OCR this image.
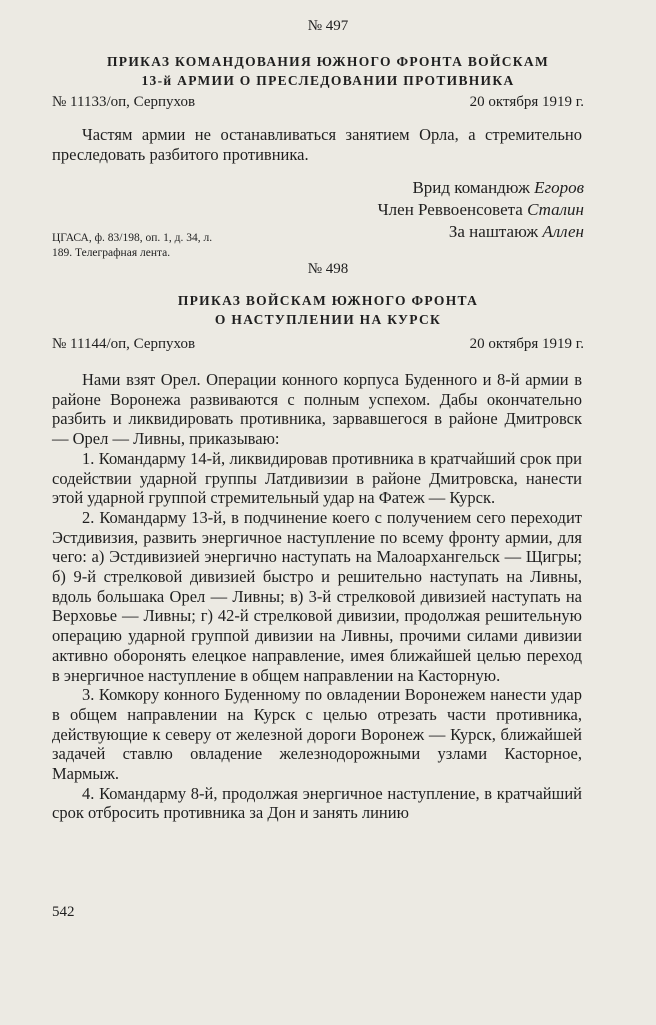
№ 497
ПРИКАЗ КОМАНДОВАНИЯ ЮЖНОГО ФРОНТА ВОЙСКАМ
13-й АРМИИ О ПРЕСЛЕДОВАНИИ ПРОТИВНИКА
№ 11133/оп, Серпухов	20 октября 1919 г.

Частям армии не останавливаться занятием Орла, а стремительно преследовать разбитого противника.

Врид командюж Егоров
Член Реввоенсовета Сталин
За наштаюж Аллен
ЦГАСА, ф. 83/198, оп. 1, д. 34, л.
189. Телеграфная лента.
№ 498
ПРИКАЗ ВОЙСКАМ ЮЖНОГО ФРОНТА
О НАСТУПЛЕНИИ НА КУРСК
№ 11144/оп, Серпухов	20 октября 1919 г.

Нами взят Орел. Операции конного корпуса Буденного и 8-й армии в районе Воронежа развиваются с полным успехом. Дабы окончательно разбить и ликвидировать противника, зарвавшегося в районе Дмитровск — Орел — Ливны, приказываю:

1. Командарму 14-й, ликвидировав противника в кратчайший срок при содействии ударной группы Латдивизии в районе Дмитровска, нанести этой ударной группой стремительный удар на Фатеж — Курск.

2. Командарму 13-й, в подчинение коего с получением сего переходит Эстдивизия, развить энергичное наступление по всему фронту армии, для чего: а) Эстдивизией энергично наступать на Малоархангельск — Щигры; б) 9-й стрелковой дивизией быстро и решительно наступать на Ливны, вдоль большака Орел — Ливны; в) 3-й стрелковой дивизией наступать на Верховье — Ливны; г) 42-й стрелковой дивизии, продолжая решительную операцию ударной группой дивизии на Ливны, прочими силами дивизии активно оборонять елецкое направление, имея ближайшей целью переход в энергичное наступление в общем направлении на Касторную.

3. Комкору конного Буденному по овладении Воронежем нанести удар в общем направлении на Курск с целью отрезать части противника, действующие к северу от железной дороги Воронеж — Курск, ближайшей задачей ставлю овладение железнодорожными узлами Касторное, Мармыж.

4. Командарму 8-й, продолжая энергичное наступление, в кратчайший срок отбросить противника за Дон и занять линию

542
